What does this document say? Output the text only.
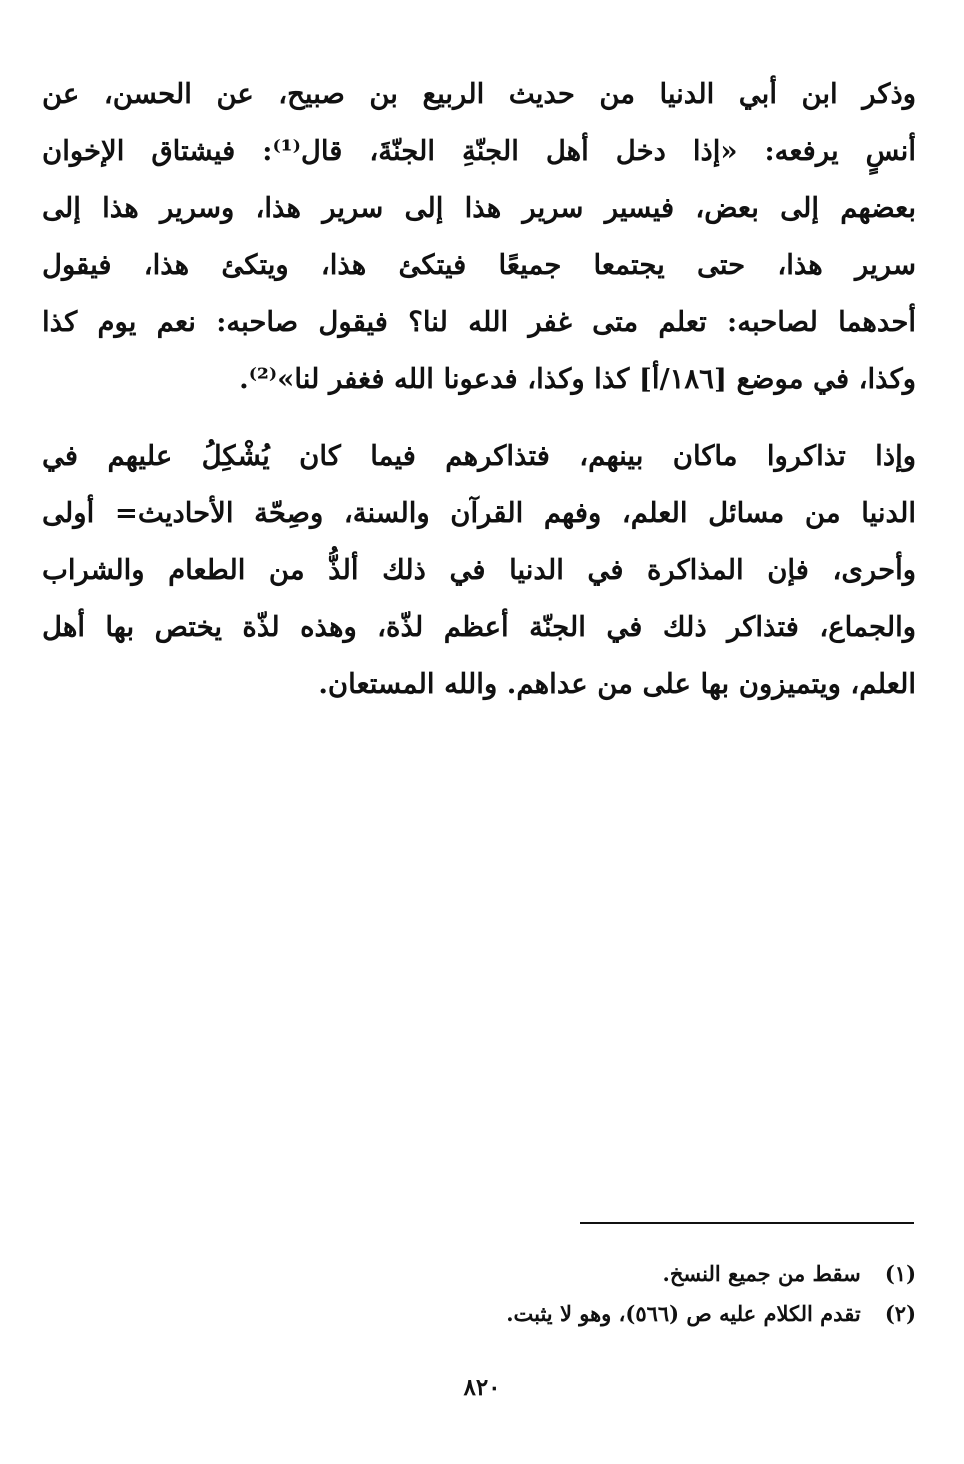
وذكر ابن أبي الدنيا من حديث الربيع بن صبيح، عن الحسن، عن
أنسٍ يرفعه: «إذا دخل أهل الجنّةِ الجنّةَ، قال⁽¹⁾: فيشتاق الإخوان
بعضهم إلى بعض، فيسير سرير هذا إلى سرير هذا، وسرير هذا إلى
سرير هذا، حتى يجتمعا جميعًا فيتكئ هذا، ويتكئ هذا، فيقول
أحدهما لصاحبه: تعلم متى غفر الله لنا؟ فيقول صاحبه: نعم يوم كذا
وكذا، في موضع [١٨٦/أ] كذا وكذا، فدعونا الله فغفر لنا»⁽²⁾.
وإذا تذاكروا ماكان بينهم، فتذاكرهم فيما كان يُشْكِلُ عليهم في
الدنيا من مسائل العلم، وفهم القرآن والسنة، وصِحّة الأحاديث= أولى
وأحرى، فإن المذاكرة في الدنيا في ذلك ألذُّ من الطعام والشراب
والجماع، فتذاكر ذلك في الجنّة أعظم لذّة، وهذه لذّة يختص بها أهل
العلم، ويتميزون بها على من عداهم. والله المستعان.
(١) سقط من جميع النسخ.
(٢) تقدم الكلام عليه ص (٥٦٦)، وهو لا يثبت.
٨٢٠
